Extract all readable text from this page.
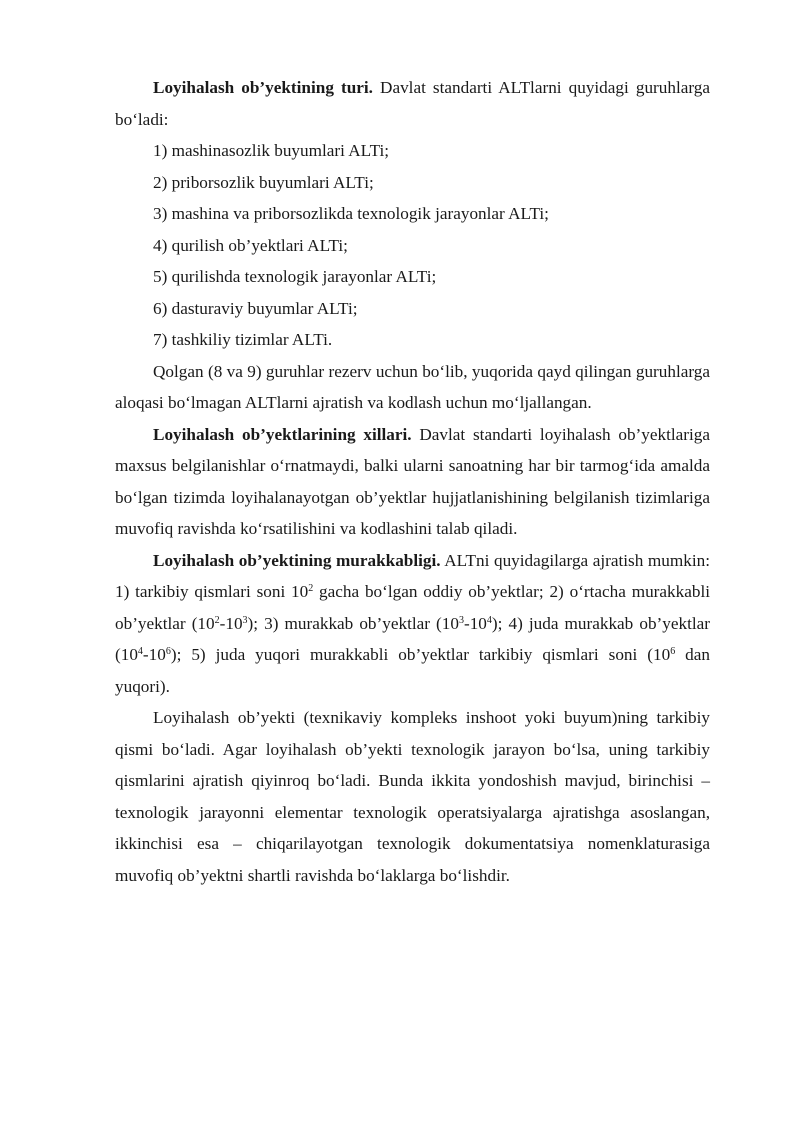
Loyihalash ob’yektining turi. Davlat standarti ALTlarni quyidagi guruhlarga bo‘ladi:

1) mashinasozlik buyumlari ALTi;

2) priborsozlik buyumlari ALTi;

3) mashina va priborsozlikda texnologik jarayonlar ALTi;

4) qurilish ob’yektlari ALTi;

5) qurilishda texnologik jarayonlar ALTi;

6) dasturaviy buyumlar ALTi;

7) tashkiliy tizimlar ALTi.

Qolgan (8 va 9) guruhlar rezerv uchun bo‘lib, yuqorida qayd qilingan guruhlarga aloqasi bo‘lmagan ALTlarni ajratish va kodlash uchun mo‘ljallangan.

Loyihalash ob’yektlarining xillari. Davlat standarti loyihalash ob’yektlariga maxsus belgilanishlar o‘rnatmaydi, balki ularni sanoatning har bir tarmog‘ida amalda bo‘lgan tizimda loyihalanayotgan ob’yektlar hujjatlanishining belgilanish tizimlariga muvofiq ravishda ko‘rsatilishini va kodlashini talab qiladi.

Loyihalash ob’yektining murakkabligi. ALTni quyidagilarga ajratish mumkin: 1) tarkibiy qismlari soni $10^2$ gacha bo‘lgan oddiy ob’yektlar; 2) o‘rtacha murakkabli ob’yektlar $(10^2-10^3)$; 3) murakkab ob’yektlar $(10^3-10^4)$; 4) juda murakkab ob’yektlar $(10^4-10^6)$; 5) juda yuqori murakkabli ob’yektlar tarkibiy qismlari soni ($10^6$ dan yuqori).

Loyihalash ob’yekti (texnikaviy kompleks inshoot yoki buyum)ning tarkibiy qismi bo‘ladi. Agar loyihalash ob’yekti texnologik jarayon bo‘lsa, uning tarkibiy qismlarini ajratish qiyinroq bo‘ladi. Bunda ikkita yondoshish mavjud, birinchisi – texnologik jarayonni elementar texnologik operatsiyalarga ajratishga asoslangan, ikkinchisi esa – chiqarilayotgan texnologik dokumentatsiya nomenklaturasiga muvofiq ob’yektni shartli ravishda bo‘laklarga bo‘lishdir.
